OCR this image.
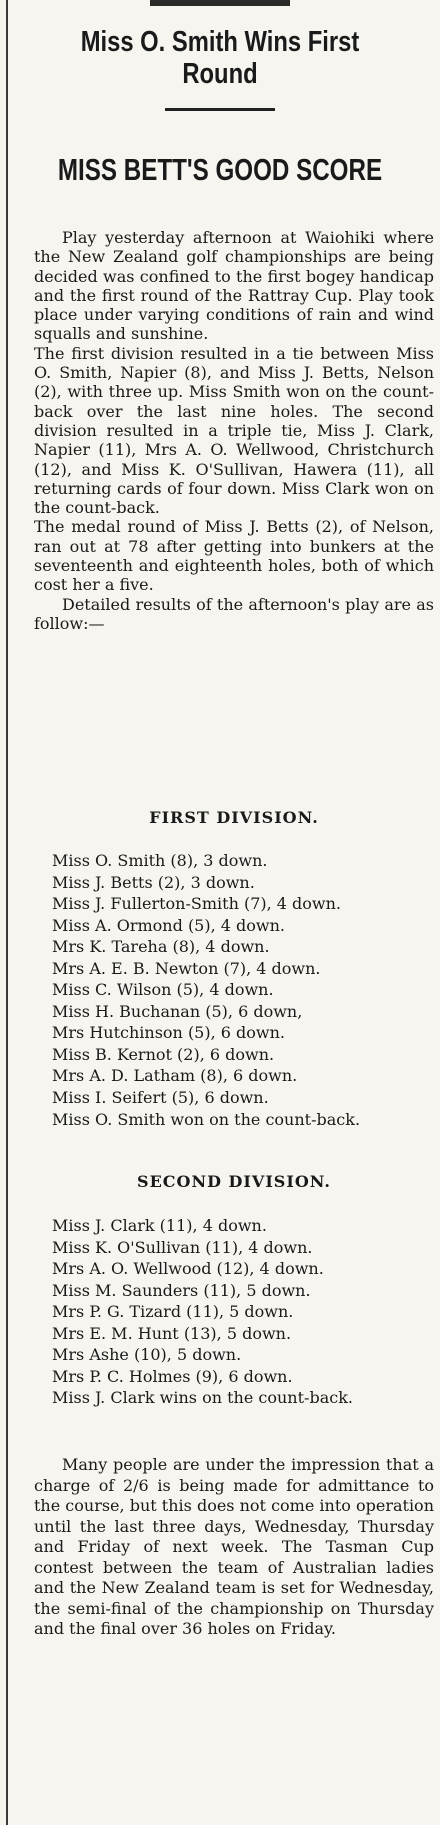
Miss O. Smith Wins First Round
MISS BETT'S GOOD SCORE

Play yesterday afternoon at Waiohiki where the New Zealand golf championships are being decided was confined to the first bogey handicap and the first round of the Rattray Cup. Play took place under varying conditions of rain and wind squalls and sunshine.

The first division resulted in a tie between Miss O. Smith, Napier (8), and Miss J. Betts, Nelson (2), with three up. Miss Smith won on the count-back over the last nine holes. The second division resulted in a triple tie, Miss J. Clark, Napier (11), Mrs A. O. Wellwood, Christchurch (12), and Miss K. O'Sullivan, Hawera (11), all returning cards of four down. Miss Clark won on the count-back.

The medal round of Miss J. Betts (2), of Nelson, ran out at 78 after getting into bunkers at the seventeenth and eighteenth holes, both of which cost her a five.

Detailed results of the afternoon's play are as follow:—

FIRST DIVISION.
Miss O. Smith (8), 3 down.
Miss J. Betts (2), 3 down.
Miss J. Fullerton-Smith (7), 4 down.
Miss A. Ormond (5), 4 down.
Mrs K. Tareha (8), 4 down.
Mrs A. E. B. Newton (7), 4 down.
Miss C. Wilson (5), 4 down.
Miss H. Buchanan (5), 6 down,
Mrs Hutchinson (5), 6 down.
Miss B. Kernot (2), 6 down.
Mrs A. D. Latham (8), 6 down.
Miss I. Seifert (5), 6 down.

Miss O. Smith won on the count-back.

SECOND DIVISION.
Miss J. Clark (11), 4 down.
Miss K. O'Sullivan (11), 4 down.
Mrs A. O. Wellwood (12), 4 down.
Miss M. Saunders (11), 5 down.
Mrs P. G. Tizard (11), 5 down.
Mrs E. M. Hunt (13), 5 down.
Mrs Ashe (10), 5 down.
Mrs P. C. Holmes (9), 6 down.
Miss J. Clark wins on the count-back.

Many people are under the impression that a charge of 2/6 is being made for admittance to the course, but this does not come into operation until the last three days, Wednesday, Thursday and Friday of next week. The Tasman Cup contest between the team of Australian ladies and the New Zealand team is set for Wednesday, the semi-final of the championship on Thursday and the final over 36 holes on Friday.
